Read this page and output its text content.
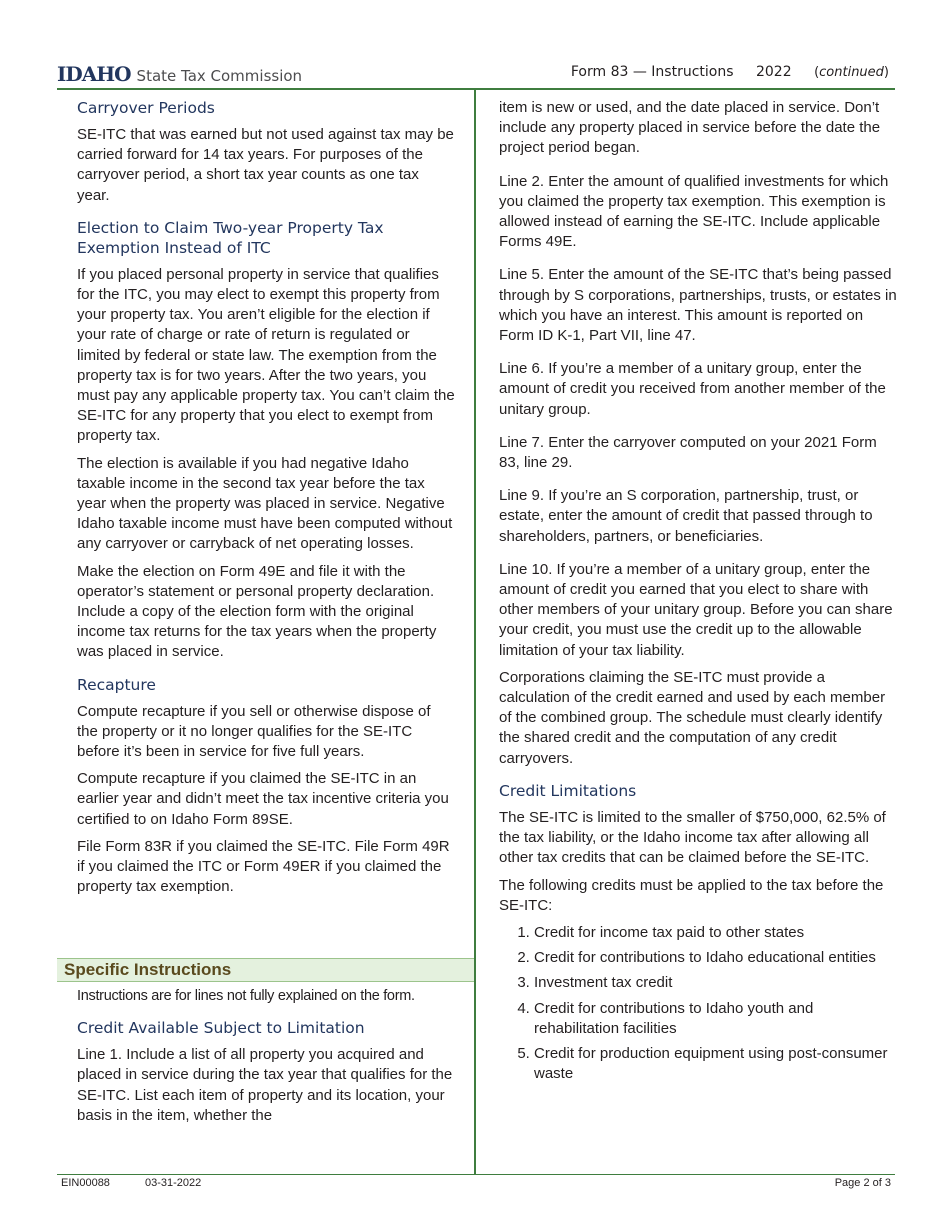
IDAHO State Tax Commission	Form 83 — Instructions 2022 (continued)
Carryover Periods

SE-ITC that was earned but not used against tax may be carried forward for 14 tax years. For purposes of the carryover period, a short tax year counts as one tax year.

Election to Claim Two-year Property Tax Exemption Instead of ITC

If you placed personal property in service that qualifies for the ITC, you may elect to exempt this property from your property tax. You aren’t eligible for the election if your rate of charge or rate of return is regulated or limited by federal or state law. The exemption from the property tax is for two years. After the two years, you must pay any applicable property tax. You can’t claim the SE-ITC for any property that you elect to exempt from property tax.

The election is available if you had negative Idaho taxable income in the second tax year before the tax year when the property was placed in service. Negative Idaho taxable income must have been computed without any carryover or carryback of net operating losses.

Make the election on Form 49E and file it with the operator’s statement or personal property declaration. Include a copy of the election form with the original income tax returns for the tax years when the property was placed in service.

Recapture

Compute recapture if you sell or otherwise dispose of the property or it no longer qualifies for the SE-ITC before it’s been in service for five full years.

Compute recapture if you claimed the SE-ITC in an earlier year and didn’t meet the tax incentive criteria you certified to on Idaho Form 89SE.

File Form 83R if you claimed the SE-ITC. File Form 49R if you claimed the ITC or Form 49ER if you claimed the property tax exemption.

Specific Instructions

Instructions are for lines not fully explained on the form.

Credit Available Subject to Limitation

Line 1. Include a list of all property you acquired and placed in service during the tax year that qualifies for the SE-ITC. List each item of property and its location, your basis in the item, whether the

item is new or used, and the date placed in service. Don’t include any property placed in service before the date the project period began.

Line 2. Enter the amount of qualified investments for which you claimed the property tax exemption. This exemption is allowed instead of earning the SE-ITC. Include applicable Forms 49E.

Line 5. Enter the amount of the SE-ITC that’s being passed through by S corporations, partnerships, trusts, or estates in which you have an interest. This amount is reported on Form ID K-1, Part VII, line 47.

Line 6. If you’re a member of a unitary group, enter the amount of credit you received from another member of the unitary group.

Line 7. Enter the carryover computed on your 2021 Form 83, line 29.

Line 9. If you’re an S corporation, partnership, trust, or estate, enter the amount of credit that passed through to shareholders, partners, or beneficiaries.

Line 10. If you’re a member of a unitary group, enter the amount of credit you earned that you elect to share with other members of your unitary group. Before you can share your credit, you must use the credit up to the allowable limitation of your tax liability.

Corporations claiming the SE-ITC must provide a calculation of the credit earned and used by each member of the combined group. The schedule must clearly identify the shared credit and the computation of any credit carryovers.

Credit Limitations

The SE-ITC is limited to the smaller of $750,000, 62.5% of the tax liability, or the Idaho income tax after allowing all other tax credits that can be claimed before the SE-ITC.

The following credits must be applied to the tax before the SE-ITC:

1. Credit for income tax paid to other states
2. Credit for contributions to Idaho educational entities
3. Investment tax credit
4. Credit for contributions to Idaho youth and rehabilitation facilities
5. Credit for production equipment using post-consumer waste
EIN00088	03-31-2022	Page 2 of 3
